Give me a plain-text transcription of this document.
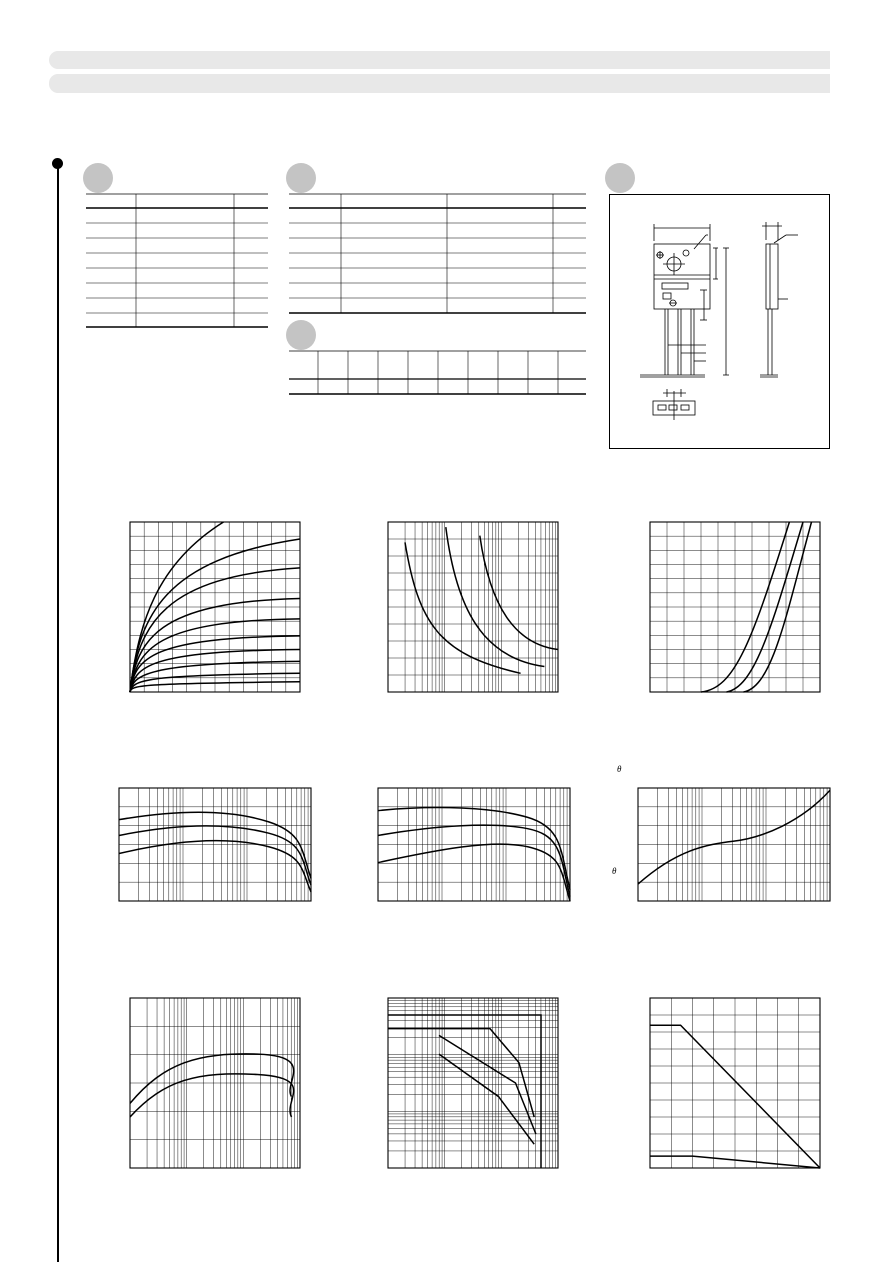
θ
θ
